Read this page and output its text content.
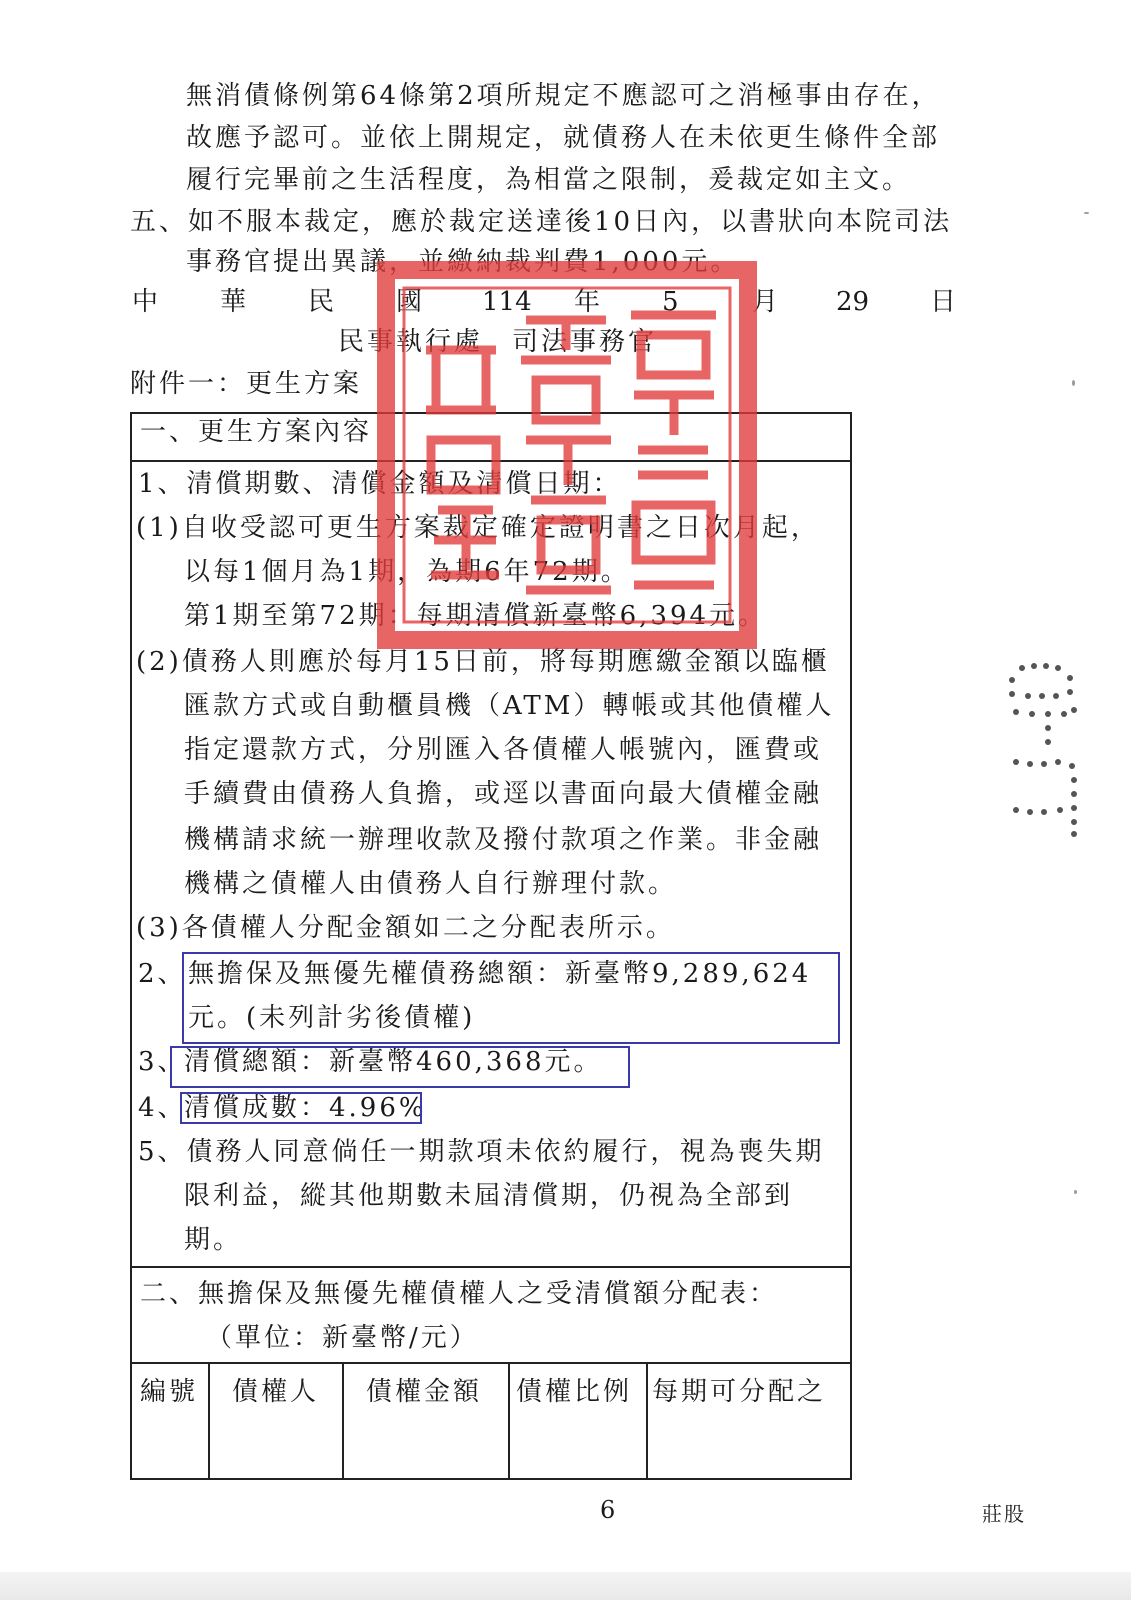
無消債條例第64條第2項所規定不應認可之消極事由存在，
故應予認可。並依上開規定，就債務人在未依更生條件全部
履行完畢前之生活程度，為相當之限制，爰裁定如主文。
五、如不服本裁定，應於裁定送達後10日內，以書狀向本院司法
事務官提出異議，並繳納裁判費1,000元。
中 華 民 國 114 年 5	月 29 日
民事執行處　司法事務官
附件一：更生方案
一、更生方案內容
1、清償期數、清償金額及清償日期：
(1)自收受認可更生方案裁定確定證明書之日次月起，
以每1個月為1期，為期6年72期。
第1期至第72期：每期清償新臺幣6,394元。
(2)債務人則應於每月15日前，將每期應繳金額以臨櫃
匯款方式或自動櫃員機（ATM）轉帳或其他債權人
指定還款方式，分別匯入各債權人帳號內，匯費或
手續費由債務人負擔，或逕以書面向最大債權金融
機構請求統一辦理收款及撥付款項之作業。非金融
機構之債權人由債務人自行辦理付款。
(3)各債權人分配金額如二之分配表所示。
2、 無擔保及無優先權債務總額：新臺幣9,289,624
元。(未列計劣後債權)
3、
清償總額：新臺幣460,368元。
4、
清償成數：4.96%
5、債務人同意倘任一期款項未依約履行，視為喪失期
限利益，縱其他期數未屆清償期，仍視為全部到
期。
二、無擔保及無優先權債權人之受清償額分配表：
（單位：新臺幣/元）
編號 債權人 債權金額 債權比例 每期可分配之
6	莊股
